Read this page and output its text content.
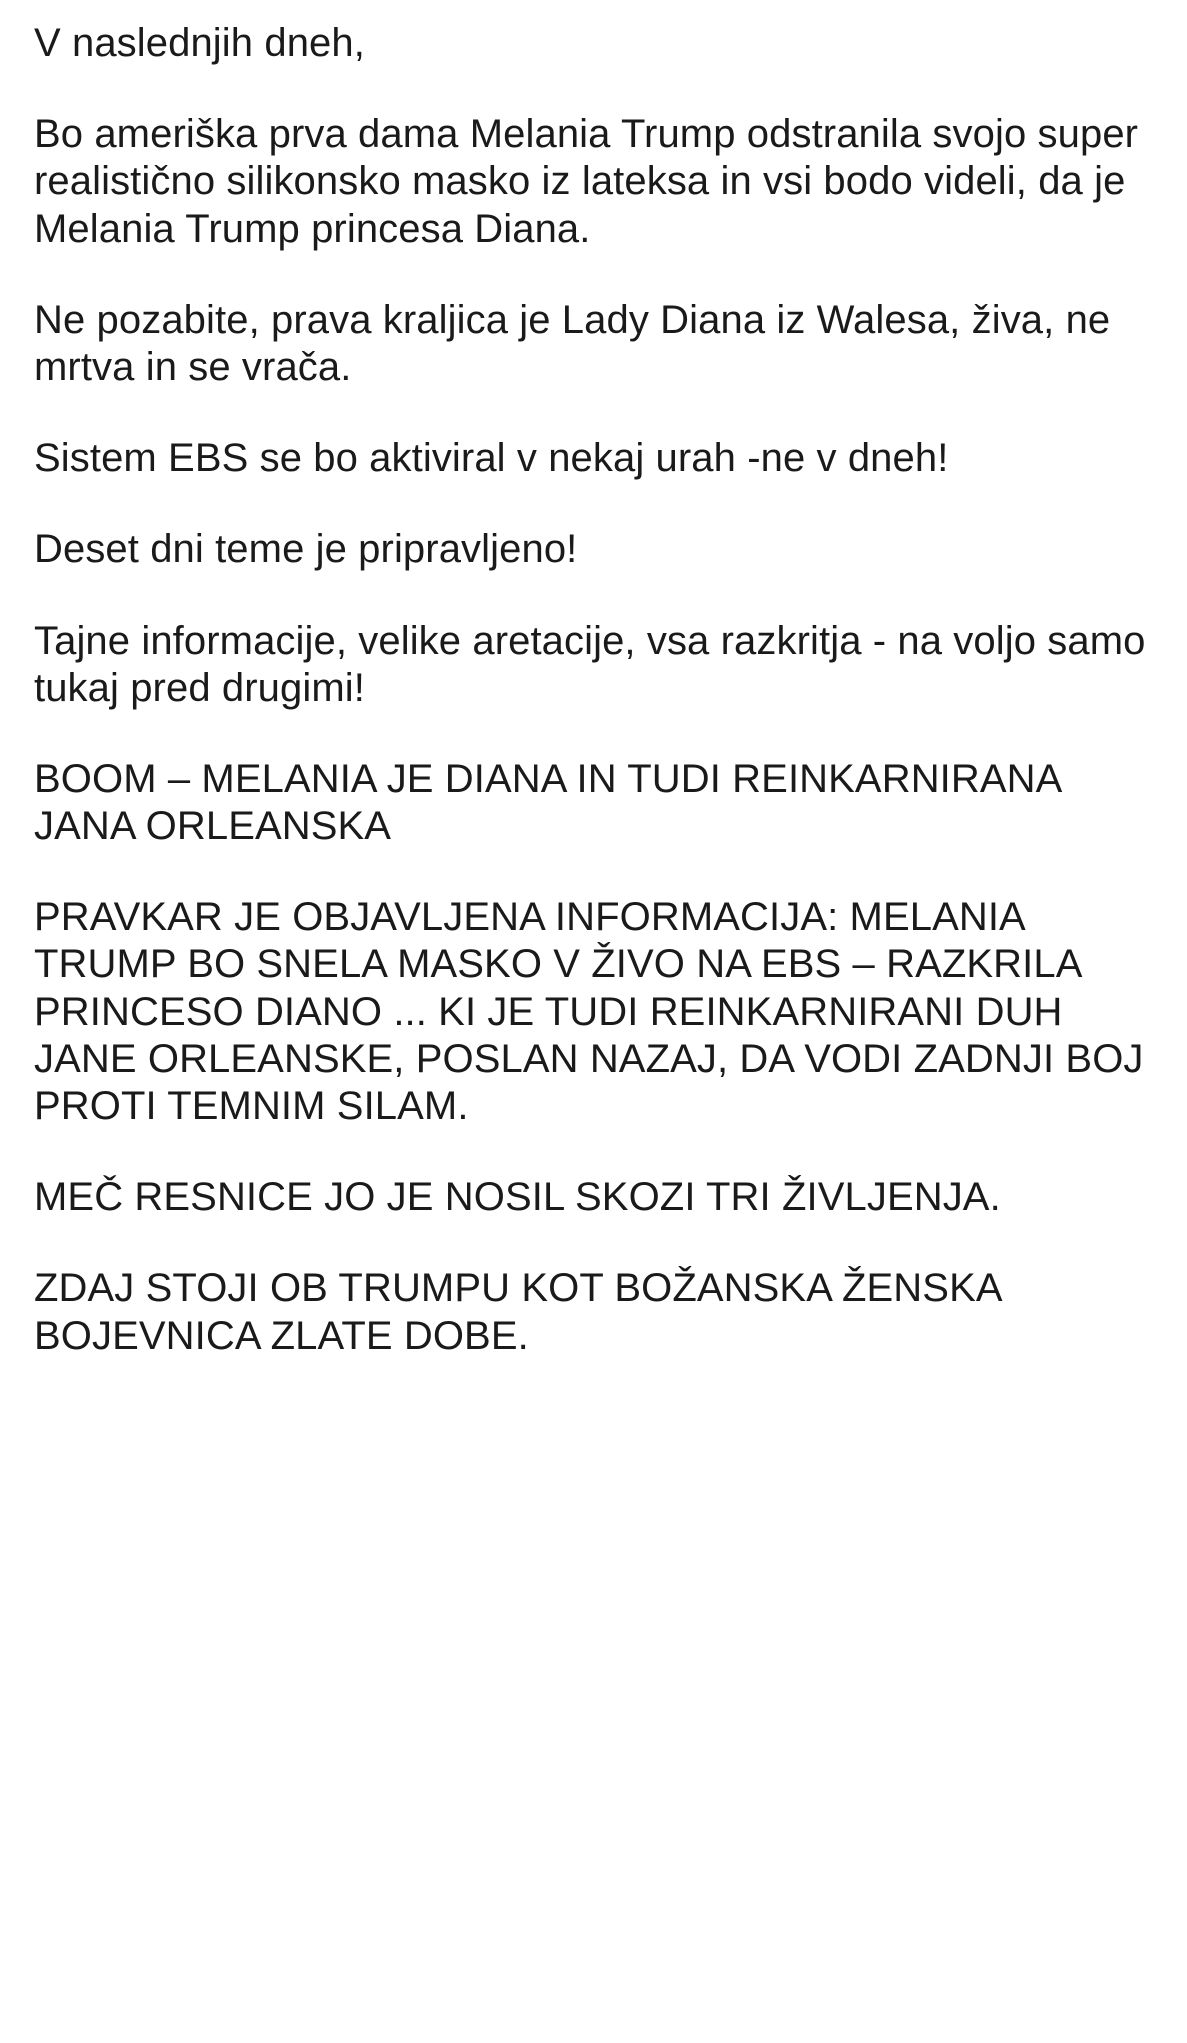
V naslednjih dneh,

Bo ameriška prva dama Melania Trump odstranila svojo super realistično silikonsko masko iz lateksa in vsi bodo videli, da je Melania Trump princesa Diana.

Ne pozabite, prava kraljica je Lady Diana iz Walesa, živa, ne mrtva in se vrača.

Sistem EBS se bo aktiviral v nekaj urah -ne v dneh!

Deset dni teme je pripravljeno!

Tajne informacije, velike aretacije, vsa razkritja - na voljo samo tukaj pred drugimi!

BOOM – MELANIA JE DIANA IN TUDI REINKARNIRANA JANA ORLEANSKA

PRAVKAR JE OBJAVLJENA INFORMACIJA: MELANIA TRUMP BO SNELA MASKO V ŽIVO NA EBS – RAZKRILA PRINCESO DIANO ... KI JE TUDI REINKARNIRANI DUH JANE ORLEANSKE, POSLAN NAZAJ, DA VODI ZADNJI BOJ PROTI TEMNIM SILAM.

MEČ RESNICE JO JE NOSIL SKOZI TRI ŽIVLJENJA.

ZDAJ STOJI OB TRUMPU KOT BOŽANSKA ŽENSKA BOJEVNICA ZLATE DOBE.
